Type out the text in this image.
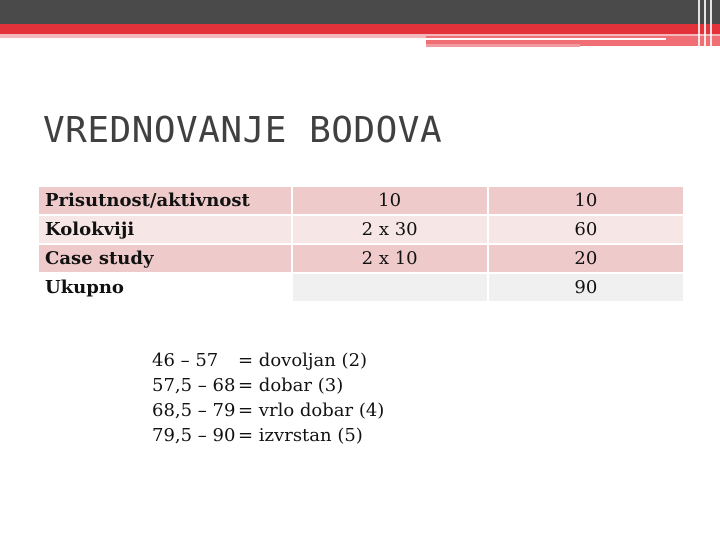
VREDNOVANJE BODOVA
Prisutnost/aktivnost	10	10
Kolokviji	2 x 30	60
Case study	2 x 10	20
Ukupno		90
46 – 57	= dovoljan (2)
57,5 – 68 = dobar (3)
68,5 – 79 = vrlo dobar (4)
79,5 – 90 = izvrstan (5)
